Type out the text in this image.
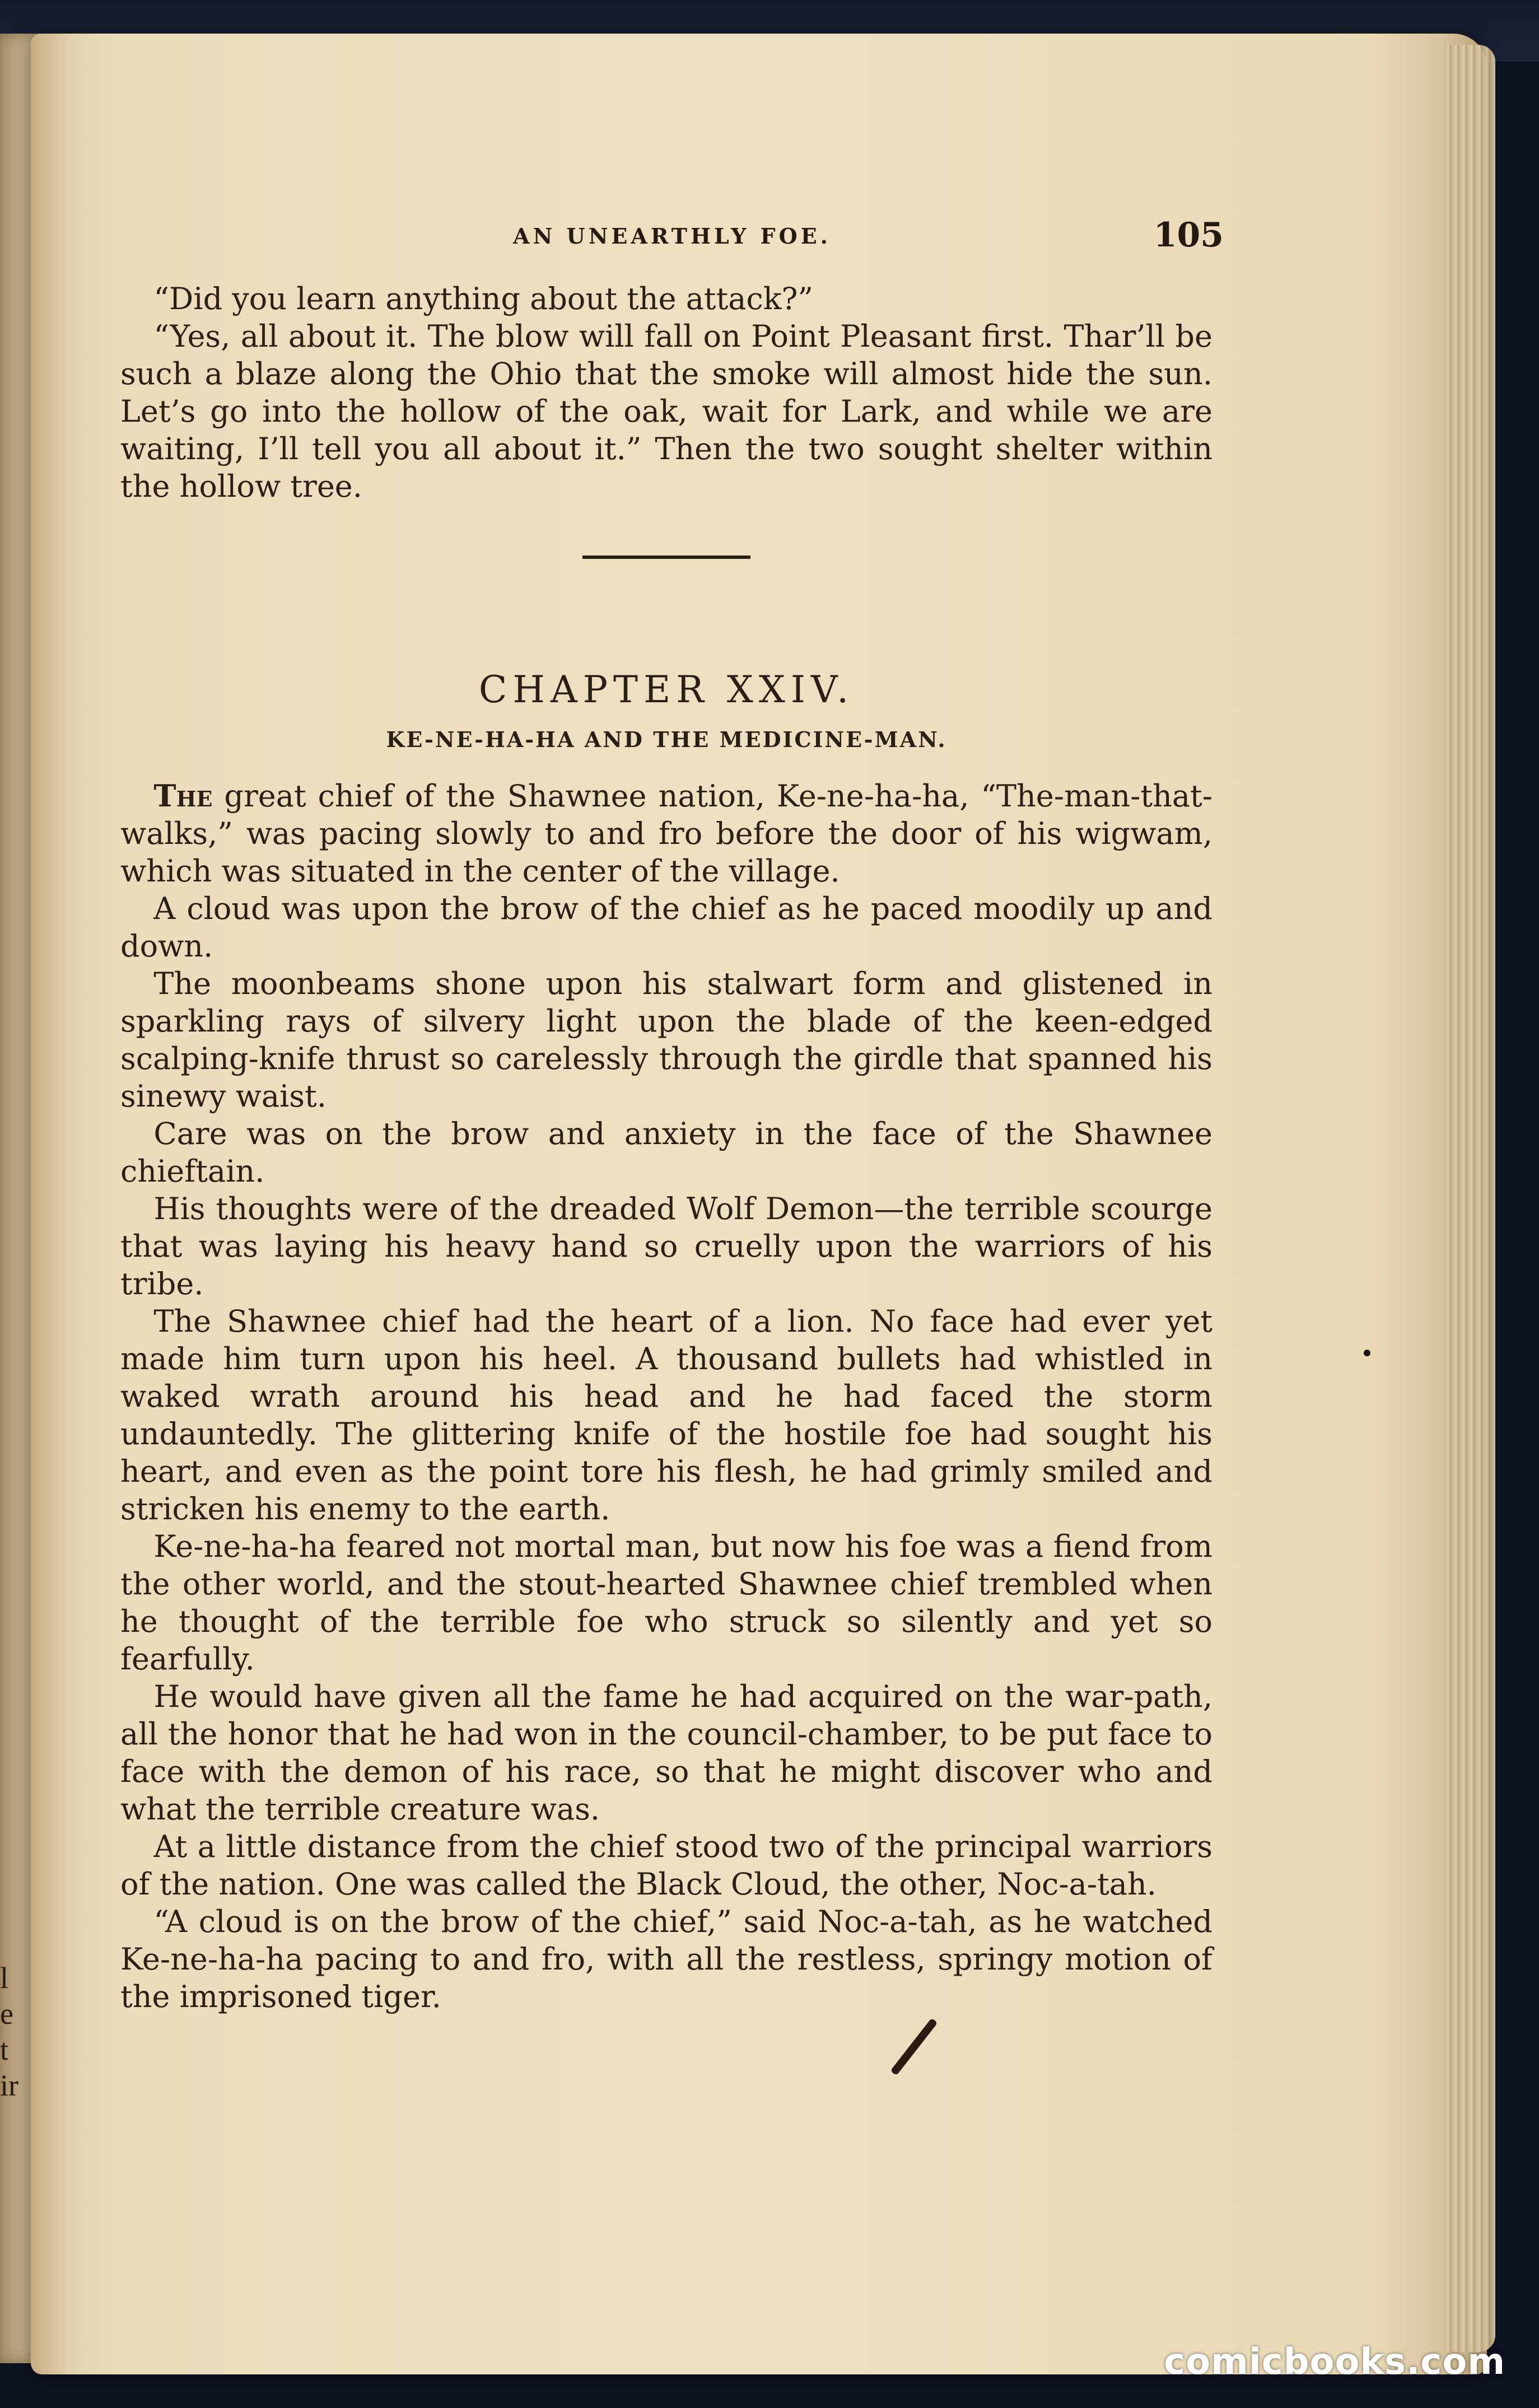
l
e
t
ir
AN UNEARTHLY FOE.	105

“Did you learn anything about the attack?”

“Yes, all about it. The blow will fall on Point Pleasant first. Thar’ll be such a blaze along the Ohio that the smoke will almost hide the sun. Let’s go into the hollow of the oak, wait for Lark, and while we are waiting, I’ll tell you all about it.” Then the two sought shelter within the hollow tree.

CHAPTER XXIV.
KE-NE-HA-HA AND THE MEDICINE-MAN.

The great chief of the Shawnee nation, Ke-ne-ha-ha, “The-man-that-walks,” was pacing slowly to and fro before the door of his wigwam, which was situated in the center of the village.

A cloud was upon the brow of the chief as he paced moodily up and down.

The moonbeams shone upon his stalwart form and glistened in sparkling rays of silvery light upon the blade of the keen-edged scalping-knife thrust so carelessly through the girdle that spanned his sinewy waist.

Care was on the brow and anxiety in the face of the Shawnee chieftain.

His thoughts were of the dreaded Wolf Demon—the terrible scourge that was laying his heavy hand so cruelly upon the warriors of his tribe.

The Shawnee chief had the heart of a lion. No face had ever yet made him turn upon his heel. A thousand bullets had whistled in waked wrath around his head and he had faced the storm undauntedly. The glittering knife of the hostile foe had sought his heart, and even as the point tore his flesh, he had grimly smiled and stricken his enemy to the earth.

Ke-ne-ha-ha feared not mortal man, but now his foe was a fiend from the other world, and the stout-hearted Shawnee chief trembled when he thought of the terrible foe who struck so silently and yet so fearfully.

He would have given all the fame he had acquired on the war-path, all the honor that he had won in the council-chamber, to be put face to face with the demon of his race, so that he might discover who and what the terrible creature was.

At a little distance from the chief stood two of the principal warriors of the nation. One was called the Black Cloud, the other, Noc-a-tah.

“A cloud is on the brow of the chief,” said Noc-a-tah, as he watched Ke-ne-ha-ha pacing to and fro, with all the restless, springy motion of the imprisoned tiger.

comicbooks.com
